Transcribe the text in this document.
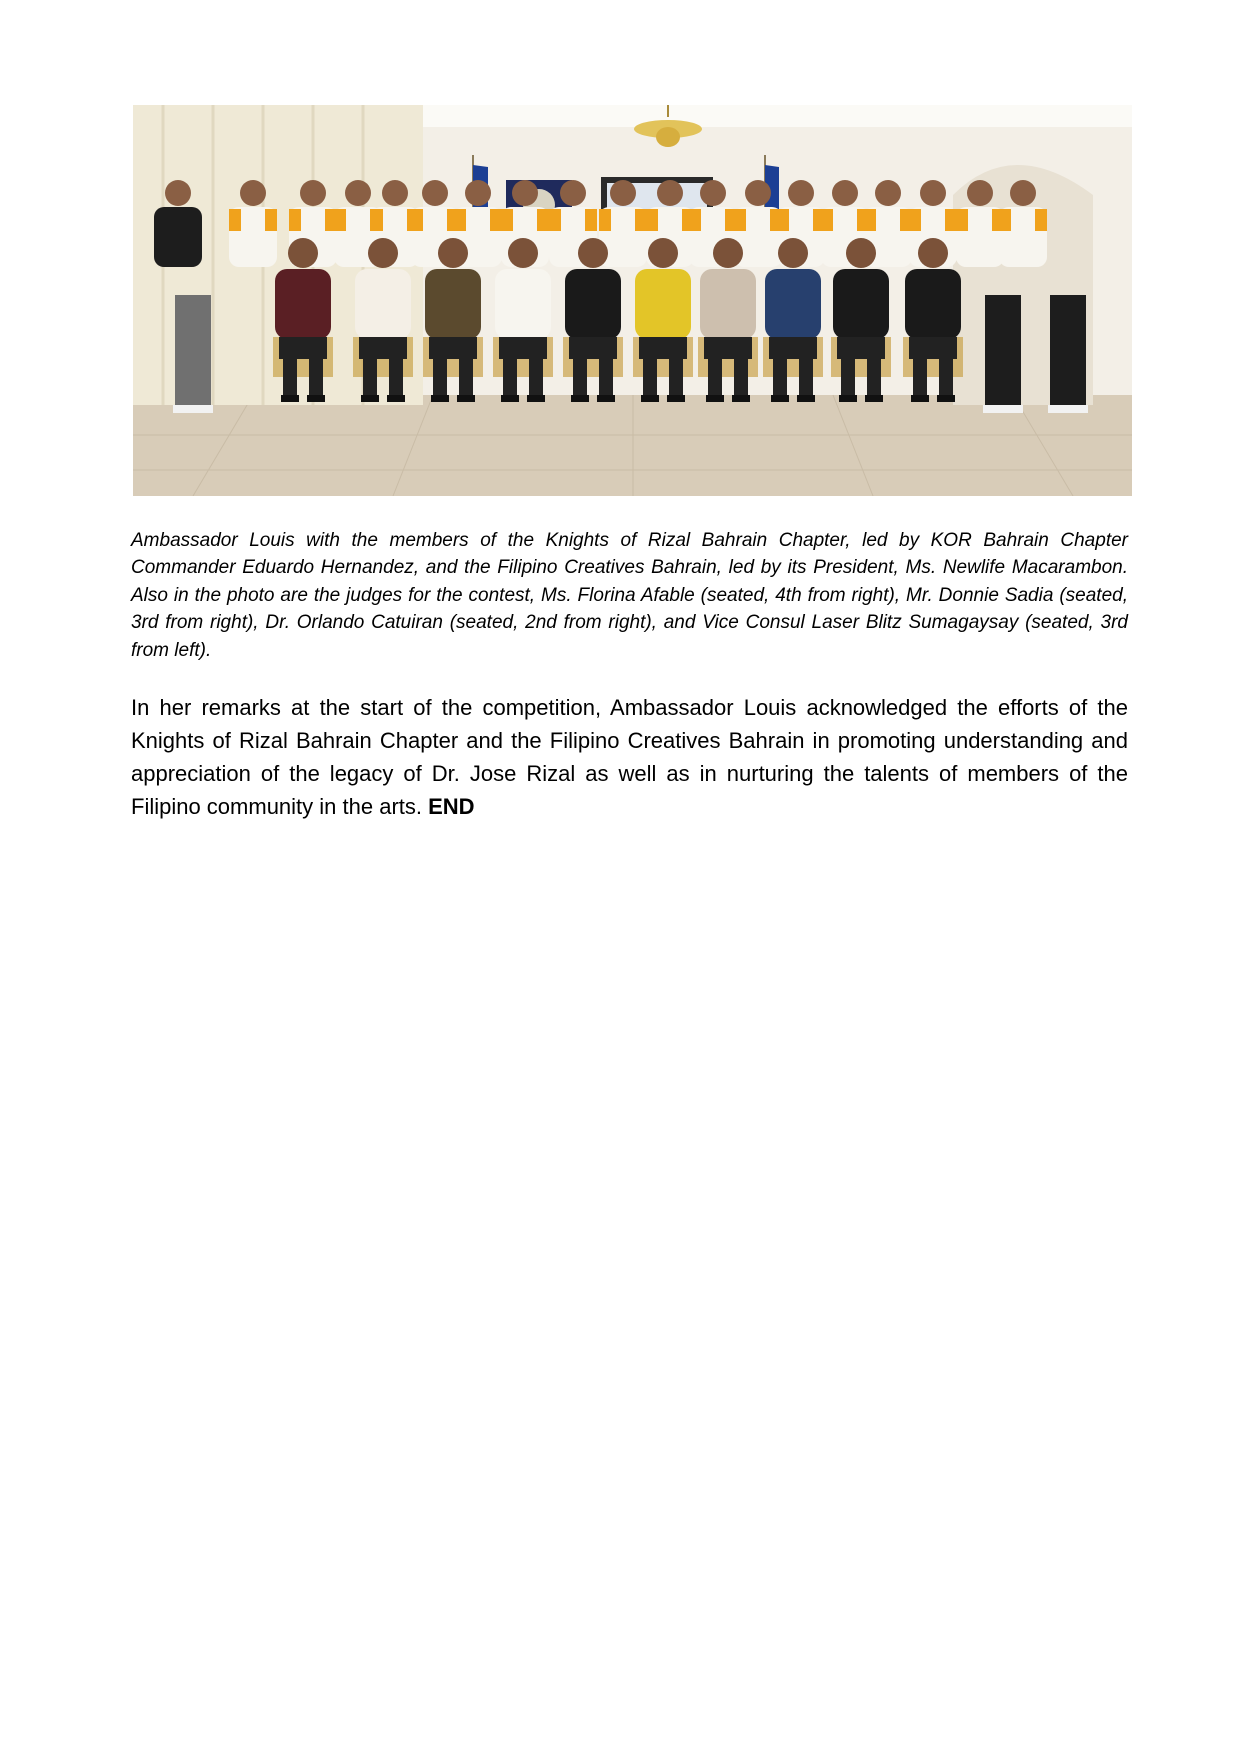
Ambassador Louis with the members of the Knights of Rizal Bahrain Chapter, led by KOR Bahrain Chapter Commander Eduardo Hernandez, and the Filipino Creatives Bahrain, led by its President, Ms. Newlife Macarambon. Also in the photo are the judges for the contest, Ms. Florina Afable (seated, 4th from right), Mr. Donnie Sadia (seated, 3rd from right), Dr. Orlando Catuiran (seated, 2nd from right), and Vice Consul Laser Blitz Sumagaysay (seated, 3rd from left).

In her remarks at the start of the competition, Ambassador Louis acknowledged the efforts of the Knights of Rizal Bahrain Chapter and the Filipino Creatives Bahrain in promoting understanding and appreciation of the legacy of Dr. Jose Rizal as well as in nurturing the talents of members of the Filipino community in the arts. END
